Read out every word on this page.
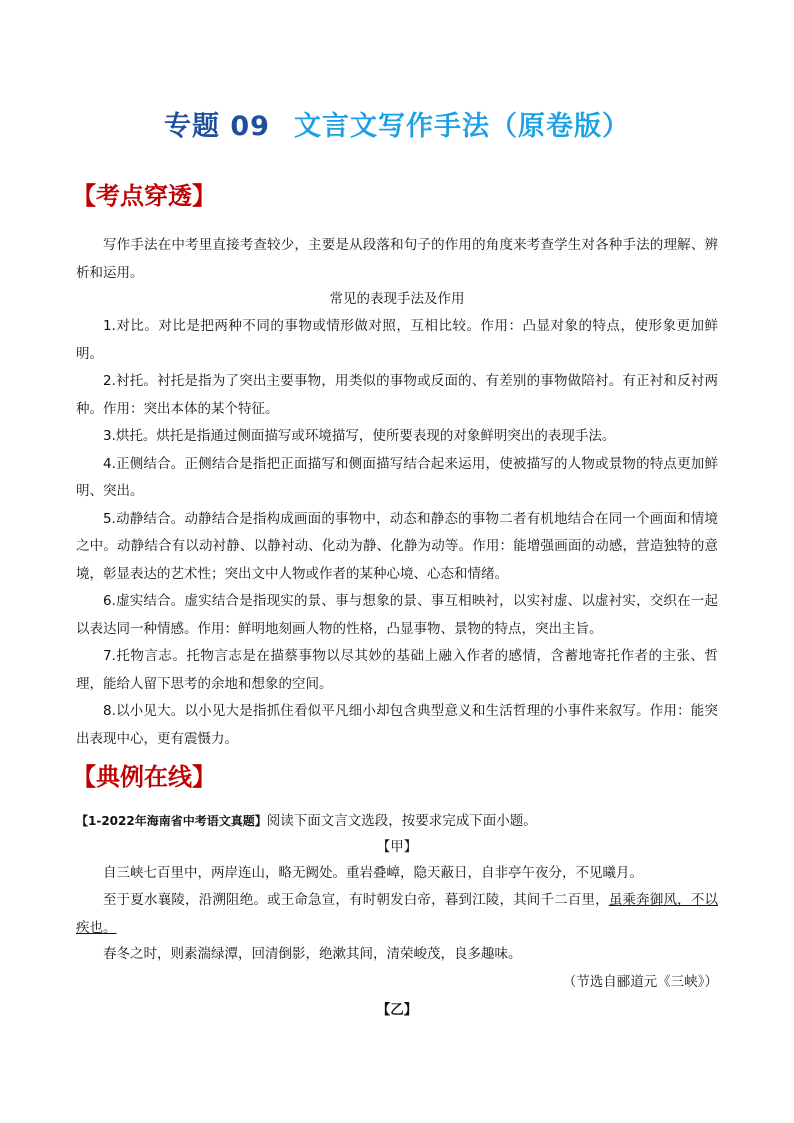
专题 09 文言文写作手法（原卷版）
【考点穿透】
写作手法在中考里直接考查较少，主要是从段落和句子的作用的角度来考查学生对各种手法的理解、辨析和运用。
常见的表现手法及作用
1.对比。对比是把两种不同的事物或情形做对照，互相比较。作用：凸显对象的特点，使形象更加鲜明。
2.衬托。衬托是指为了突出主要事物，用类似的事物或反面的、有差别的事物做陪衬。有正衬和反衬两种。作用：突出本体的某个特征。
3.烘托。烘托是指通过侧面描写或环境描写，使所要表现的对象鲜明突出的表现手法。
4.正侧结合。正侧结合是指把正面描写和侧面描写结合起来运用，使被描写的人物或景物的特点更加鲜明、突出。
5.动静结合。动静结合是指构成画面的事物中，动态和静态的事物二者有机地结合在同一个画面和情境之中。动静结合有以动衬静、以静衬动、化动为静、化静为动等。作用：能增强画面的动感，营造独特的意境，彰显表达的艺术性；突出文中人物或作者的某种心境、心态和情绪。
6.虚实结合。虚实结合是指现实的景、事与想象的景、事互相映衬，以实衬虚、以虚衬实，交织在一起以表达同一种情感。作用：鲜明地刻画人物的性格，凸显事物、景物的特点，突出主旨。
7.托物言志。托物言志是在描蔡事物以尽其妙的基础上融入作者的感情，含蓄地寄托作者的主张、哲理，能给人留下思考的余地和想象的空间。
8.以小见大。以小见大是指抓住看似平凡细小却包含典型意义和生活哲理的小事件来叙写。作用：能突出表现中心，更有震慑力。
【典例在线】
【1-2022年海南省中考语文真题】阅读下面文言文选段，按要求完成下面小题。
【甲】
自三峡七百里中，两岸连山，略无阙处。重岩叠嶂，隐天蔽日，自非亭午夜分，不见曦月。
至于夏水襄陵，沿溯阻绝。或王命急宣，有时朝发白帝，暮到江陵，其间千二百里，虽乘奔御风，不以疾也。
春冬之时，则素湍绿潭，回清倒影，绝漱其间，清荣峻茂，良多趣味。
（节选自郦道元《三峡》）
【乙】
